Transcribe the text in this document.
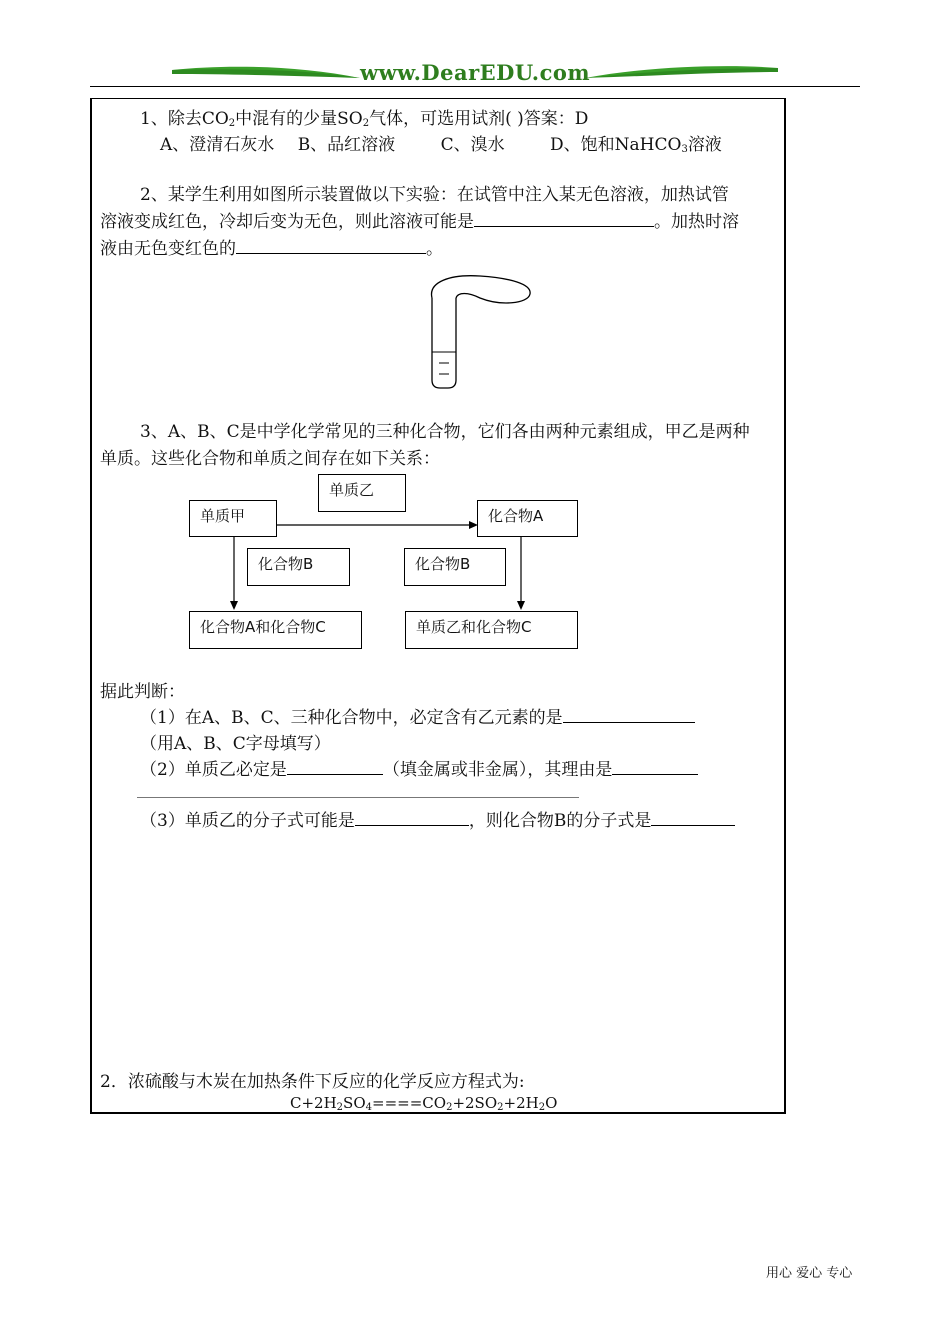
www.DearEDU.com
1、除去CO2中混有的少量SO2气体，可选用试剂( )答案：D
A、澄清石灰水 B、品红溶液	C、溴水	D、饱和NaHCO3溶液
2、某学生利用如图所示装置做以下实验：在试管中注入某无色溶液，加热试管
溶液变成红色，冷却后变为无色，则此溶液可能是	。加热时溶
液由无色变红色的	。
3、A、B、C是中学化学常见的三种化合物，它们各由两种元素组成，甲乙是两种
单质。这些化合物和单质之间存在如下关系：
单质乙
单质甲	化合物A
化合物B	化合物B
化合物A和化合物C	单质乙和化合物C
据此判断：
（1）在A、B、C、三种化合物中，必定含有乙元素的是
（用A、B、C字母填写）
（2）单质乙必定是	（填金属或非金属），其理由是
（3）单质乙的分子式可能是	，则化合物B的分子式是
2．浓硫酸与木炭在加热条件下反应的化学反应方程式为:
C+2H2SO4====CO2+2SO2+2H2O
用心 爱心 专心
